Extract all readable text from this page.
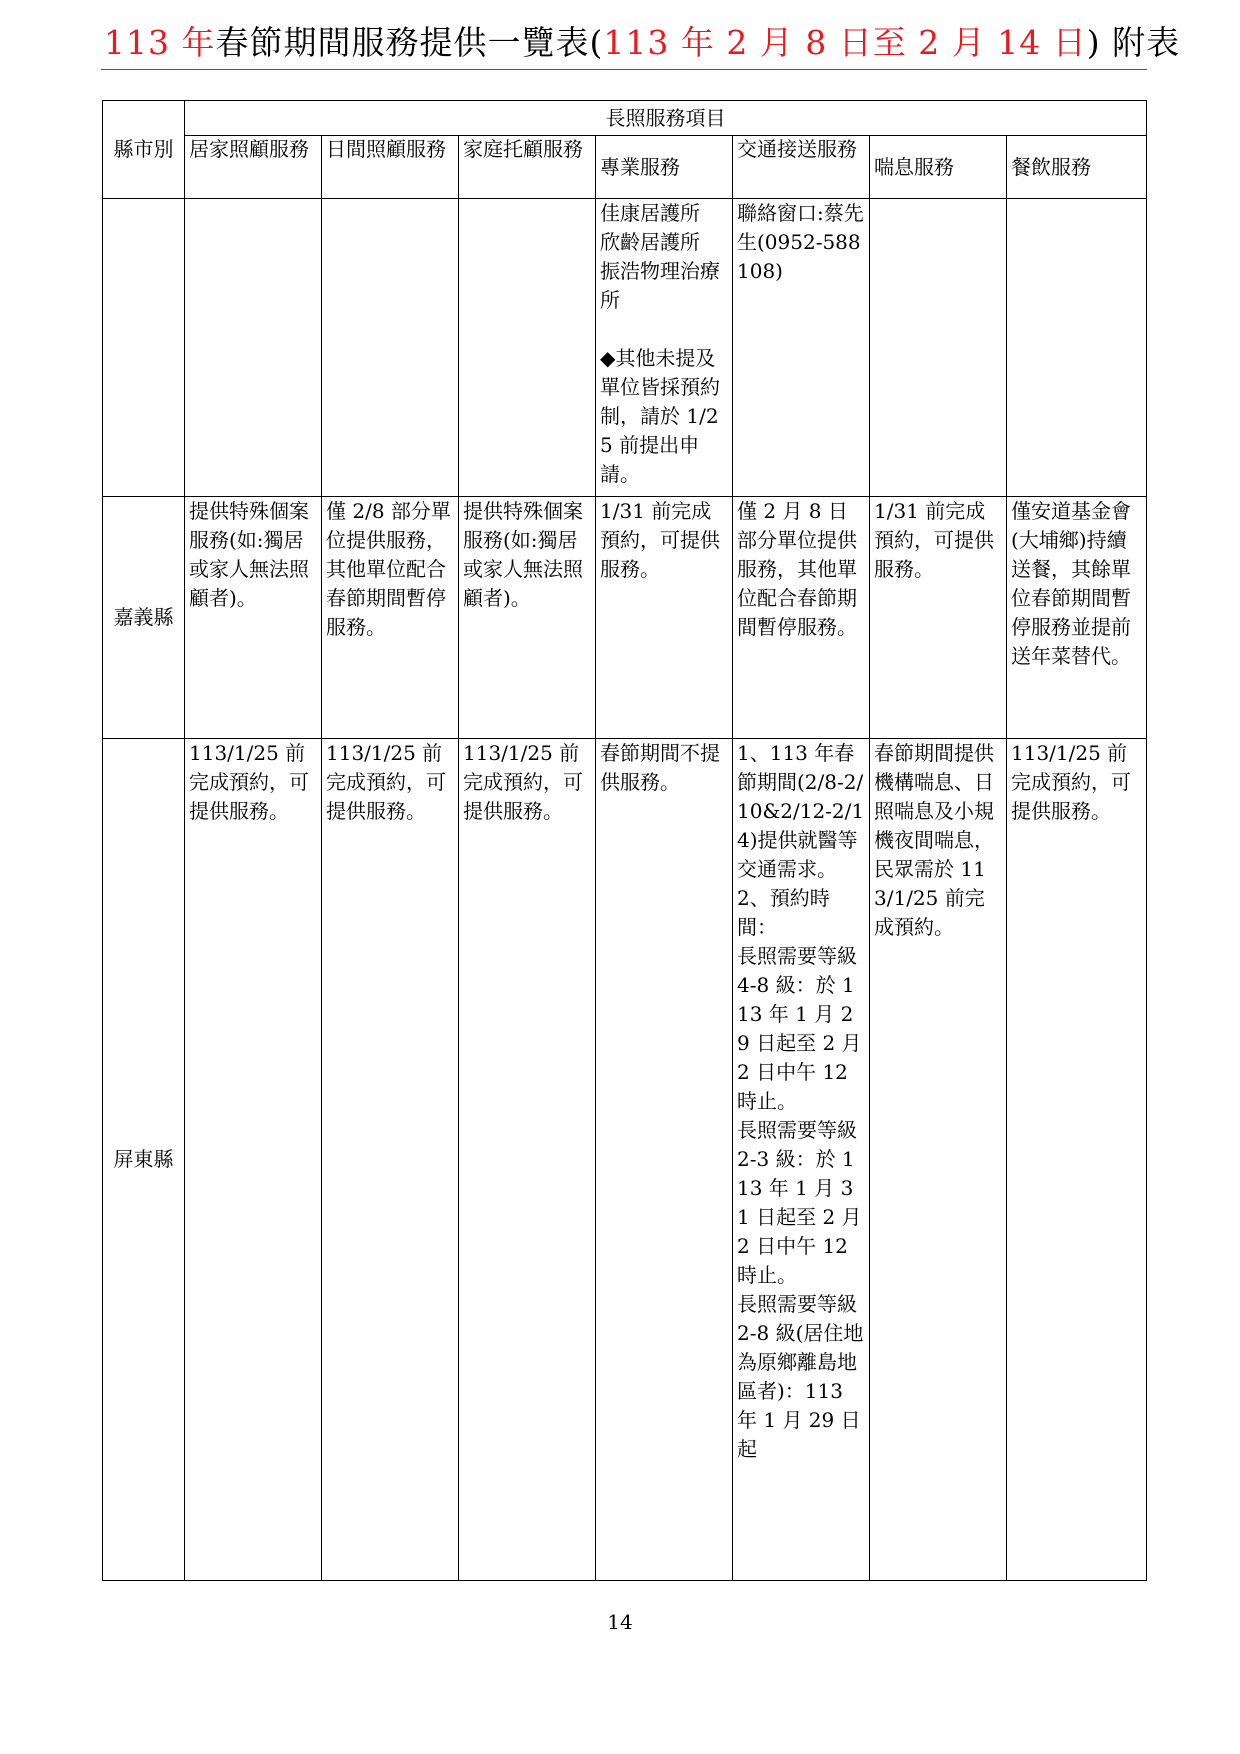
113 年春節期間服務提供一覽表(113 年 2 月 8 日至 2 月 14 日) 附表
縣市別	長照服務項目						
	居家照顧服務	日間照顧服務	家庭托顧服務	專業服務	交通接送服務	喘息服務	餐飲服務
				佳康居護所
欣齡居護所
振浩物理治療所

◆其他未提及單位皆採預約制，請於 1/25 前提出申請。	聯絡窗口:蔡先生(0952-588108)		
嘉義縣	提供特殊個案服務(如:獨居或家人無法照顧者)。	僅 2/8 部分單位提供服務，其他單位配合春節期間暫停服務。	提供特殊個案服務(如:獨居或家人無法照顧者)。	1/31 前完成預約，可提供服務。	僅 2 月 8 日部分單位提供服務，其他單位配合春節期間暫停服務。	1/31 前完成預約，可提供服務。	僅安道基金會(大埔鄉)持續送餐，其餘單位春節期間暫停服務並提前送年菜替代。
屏東縣	113/1/25 前完成預約，可提供服務。	113/1/25 前完成預約，可提供服務。	113/1/25 前完成預約，可提供服務。	春節期間不提供服務。	1、113 年春節期間(2/8-2/10&2/12-2/14)提供就醫等交通需求。
2、預約時間：
長照需要等級 4-8 級：於 113 年 1 月 29 日起至 2 月 2 日中午 12 時止。
長照需要等級 2-3 級：於 113 年 1 月 31 日起至 2 月 2 日中午 12 時止。
長照需要等級 2-8 級(居住地為原鄉離島地區者)：113 年 1 月 29 日起	春節期間提供機構喘息、日照喘息及小規機夜間喘息，民眾需於 113/1/25 前完成預約。	113/1/25 前完成預約，可提供服務。
14
